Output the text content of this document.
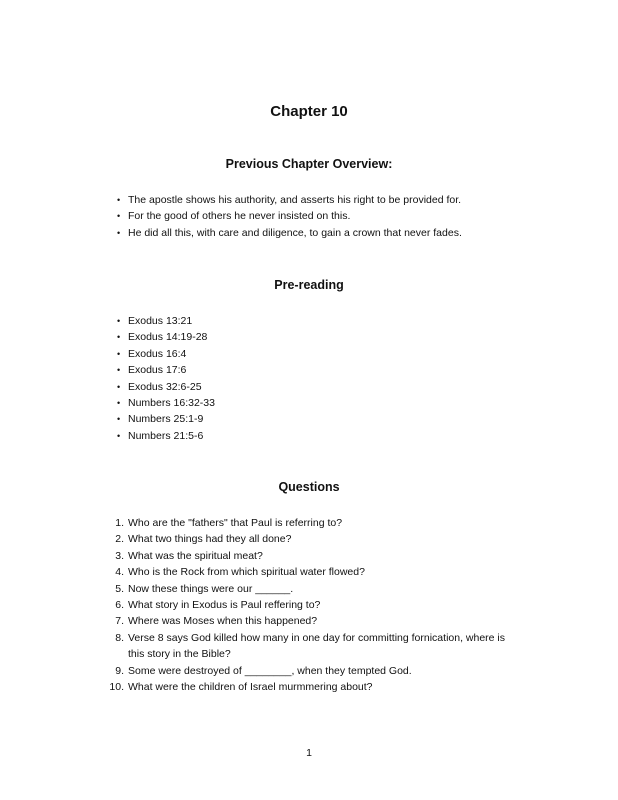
Chapter 10
Previous Chapter Overview:
• The apostle shows his authority, and asserts his right to be provided for.
• For the good of others he never insisted on this.
• He did all this, with care and diligence, to gain a crown that never fades.
Pre-reading
• Exodus 13:21
• Exodus 14:19-28
• Exodus 16:4
• Exodus 17:6
• Exodus 32:6-25
• Numbers 16:32-33
• Numbers 25:1-9
• Numbers 21:5-6
Questions
1. Who are the "fathers" that Paul is referring to?
2. What two things had they all done?
3. What was the spiritual meat?
4. Who is the Rock from which spiritual water flowed?
5. Now these things were our ______.
6. What story in Exodus is Paul reffering to?
7. Where was Moses when this happened?
8. Verse 8 says God killed how many in one day for committing fornication, where is this story in the Bible?
9. Some were destroyed of ________, when they tempted God.
10. What were the children of Israel murmmering about?
1
